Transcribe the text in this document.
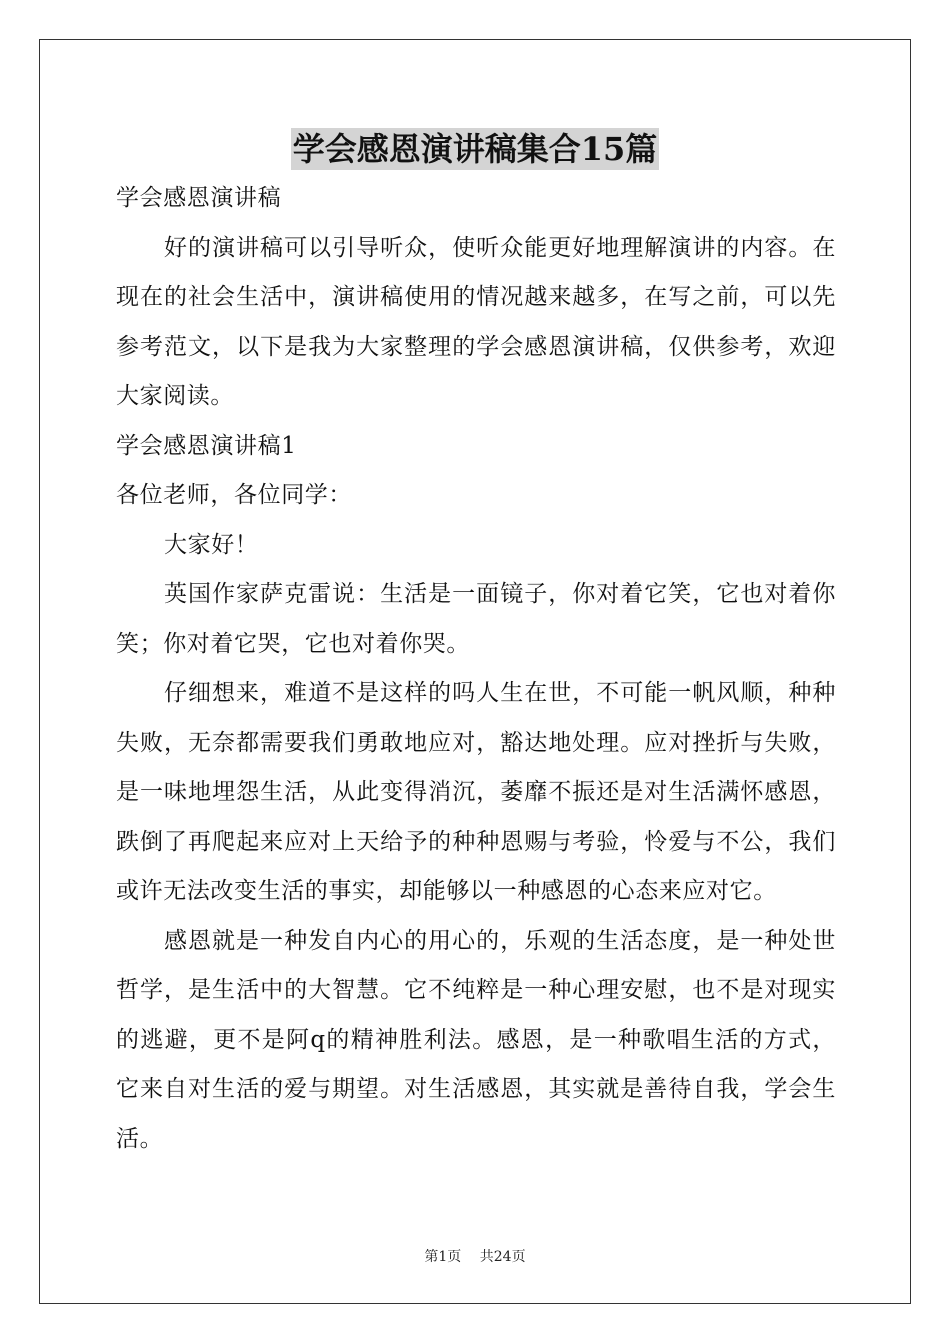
学会感恩演讲稿集合15篇

学会感恩演讲稿

好的演讲稿可以引导听众，使听众能更好地理解演讲的内容。在现在的社会生活中，演讲稿使用的情况越来越多，在写之前，可以先参考范文，以下是我为大家整理的学会感恩演讲稿，仅供参考，欢迎大家阅读。

学会感恩演讲稿1

各位老师，各位同学：

大家好！

英国作家萨克雷说：生活是一面镜子，你对着它笑，它也对着你笑；你对着它哭，它也对着你哭。

仔细想来，难道不是这样的吗人生在世，不可能一帆风顺，种种失败，无奈都需要我们勇敢地应对，豁达地处理。应对挫折与失败，是一味地埋怨生活，从此变得消沉，萎靡不振还是对生活满怀感恩，跌倒了再爬起来应对上天给予的种种恩赐与考验，怜爱与不公，我们或许无法改变生活的事实，却能够以一种感恩的心态来应对它。

感恩就是一种发自内心的用心的，乐观的生活态度，是一种处世哲学，是生活中的大智慧。它不纯粹是一种心理安慰，也不是对现实的逃避，更不是阿q的精神胜利法。感恩，是一种歌唱生活的方式，它来自对生活的爱与期望。对生活感恩，其实就是善待自我，学会生活。

第1页 共24页
